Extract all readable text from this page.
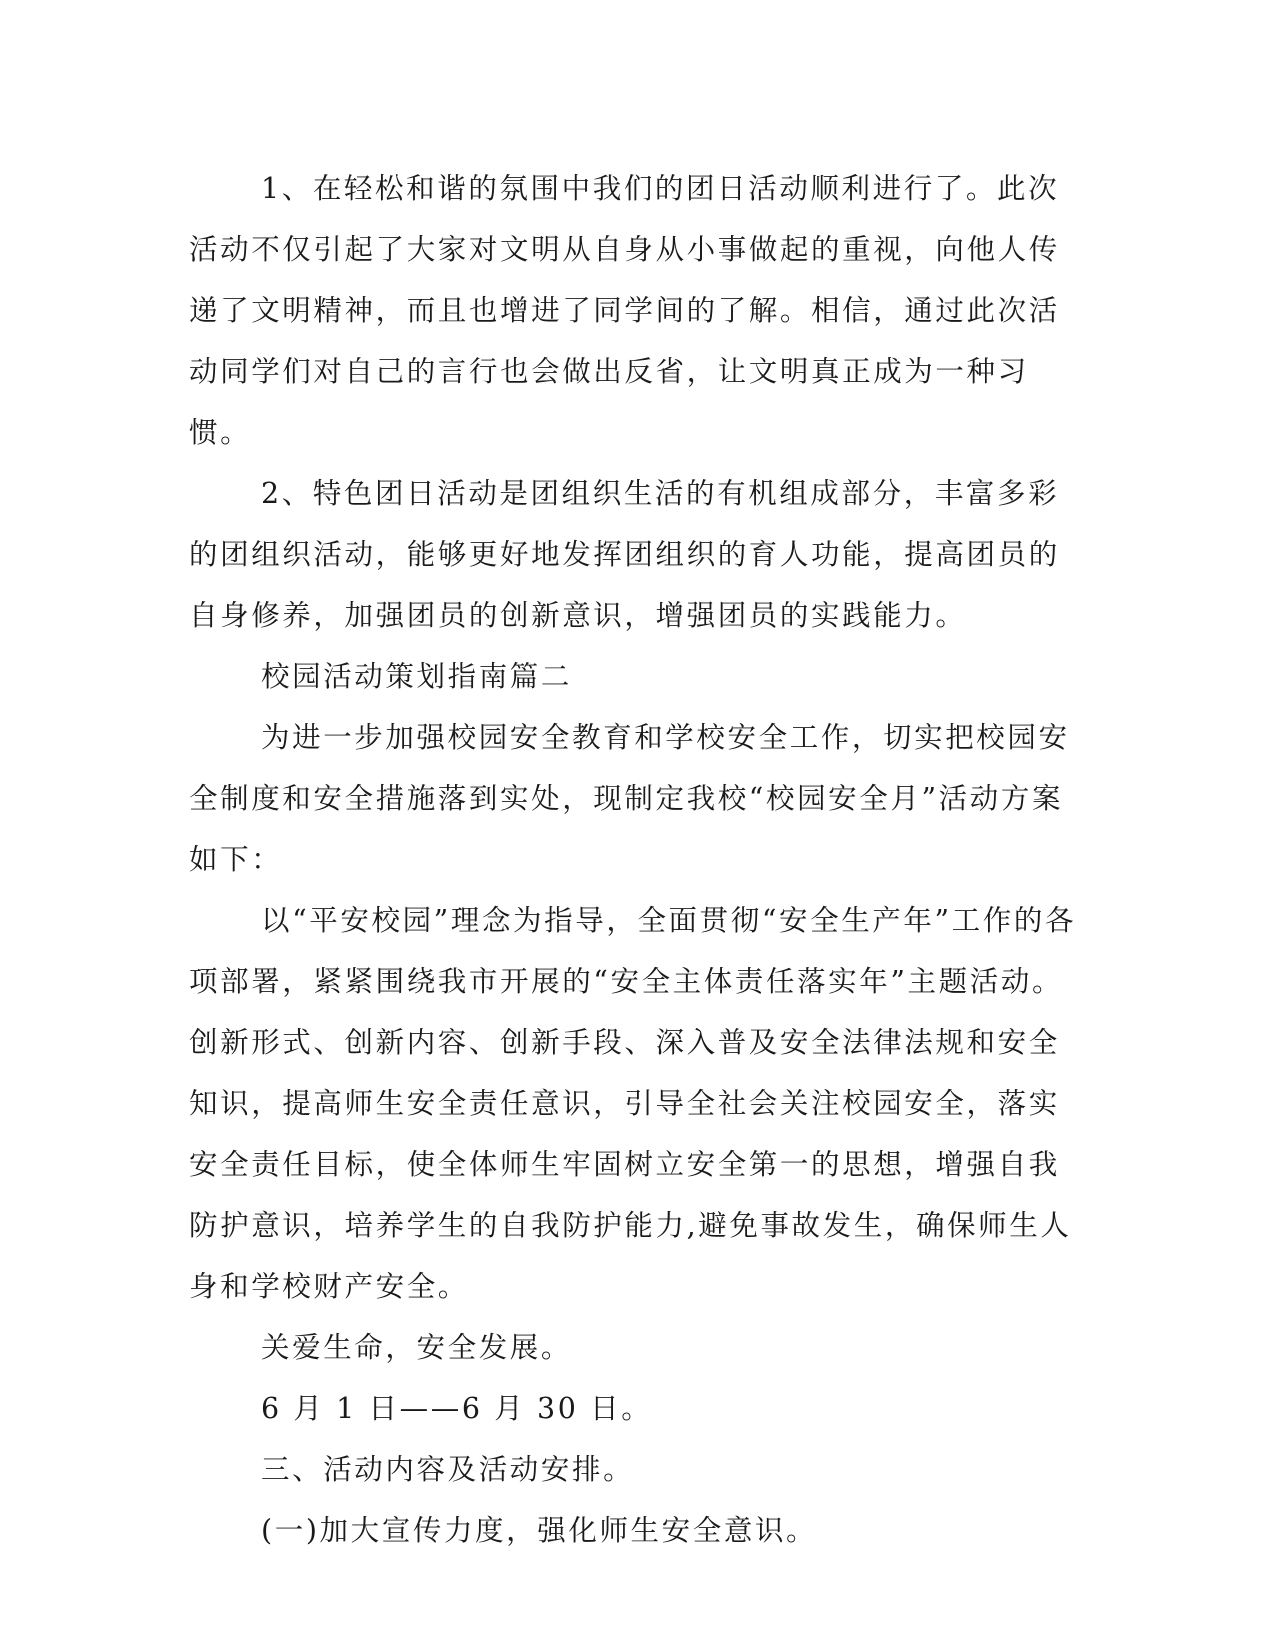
1、在轻松和谐的氛围中我们的团日活动顺利进行了。此次活动不仅引起了大家对文明从自身从小事做起的重视，向他人传递了文明精神，而且也增进了同学间的了解。相信，通过此次活动同学们对自己的言行也会做出反省，让文明真正成为一种习惯。

2、特色团日活动是团组织生活的有机组成部分，丰富多彩的团组织活动，能够更好地发挥团组织的育人功能，提高团员的自身修养，加强团员的创新意识，增强团员的实践能力。

校园活动策划指南篇二

为进一步加强校园安全教育和学校安全工作，切实把校园安全制度和安全措施落到实处，现制定我校“校园安全月”活动方案如下：

以“平安校园”理念为指导，全面贯彻“安全生产年”工作的各项部署，紧紧围绕我市开展的“安全主体责任落实年”主题活动。创新形式、创新内容、创新手段、深入普及安全法律法规和安全知识，提高师生安全责任意识，引导全社会关注校园安全，落实安全责任目标，使全体师生牢固树立安全第一的思想，增强自我防护意识，培养学生的自我防护能力,避免事故发生，确保师生人身和学校财产安全。

关爱生命，安全发展。

6 月 1 日——6 月 30 日。

三、活动内容及活动安排。

(一)加大宣传力度，强化师生安全意识。
